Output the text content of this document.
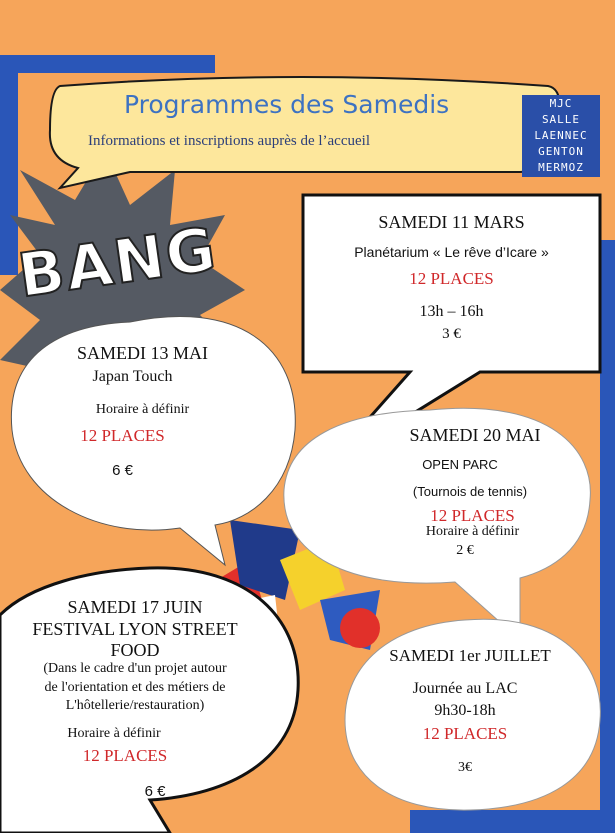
BANG
Programmes des Samedis
Informations et inscriptions auprès de l’accueil
MJC
SALLE
LAENNEC
GENTON
MERMOZ
SAMEDI 11 MARS
Planétarium « Le rêve d’Icare »
12 PLACES
13h – 16h
3 €
SAMEDI 13 MAI
Japan Touch
Horaire à définir
12 PLACES
6 €
SAMEDI 20 MAI
OPEN PARC
(Tournois de tennis)
12 PLACES
Horaire à définir
2 €
SAMEDI 17 JUIN
FESTIVAL LYON STREET
FOOD
(Dans le cadre d'un projet autour
de l'orientation et des métiers de
L'hôtellerie/restauration)
Horaire à définir
12 PLACES
6 €
SAMEDI 1er JUILLET
Journée au LAC
9h30-18h
12 PLACES
3€
